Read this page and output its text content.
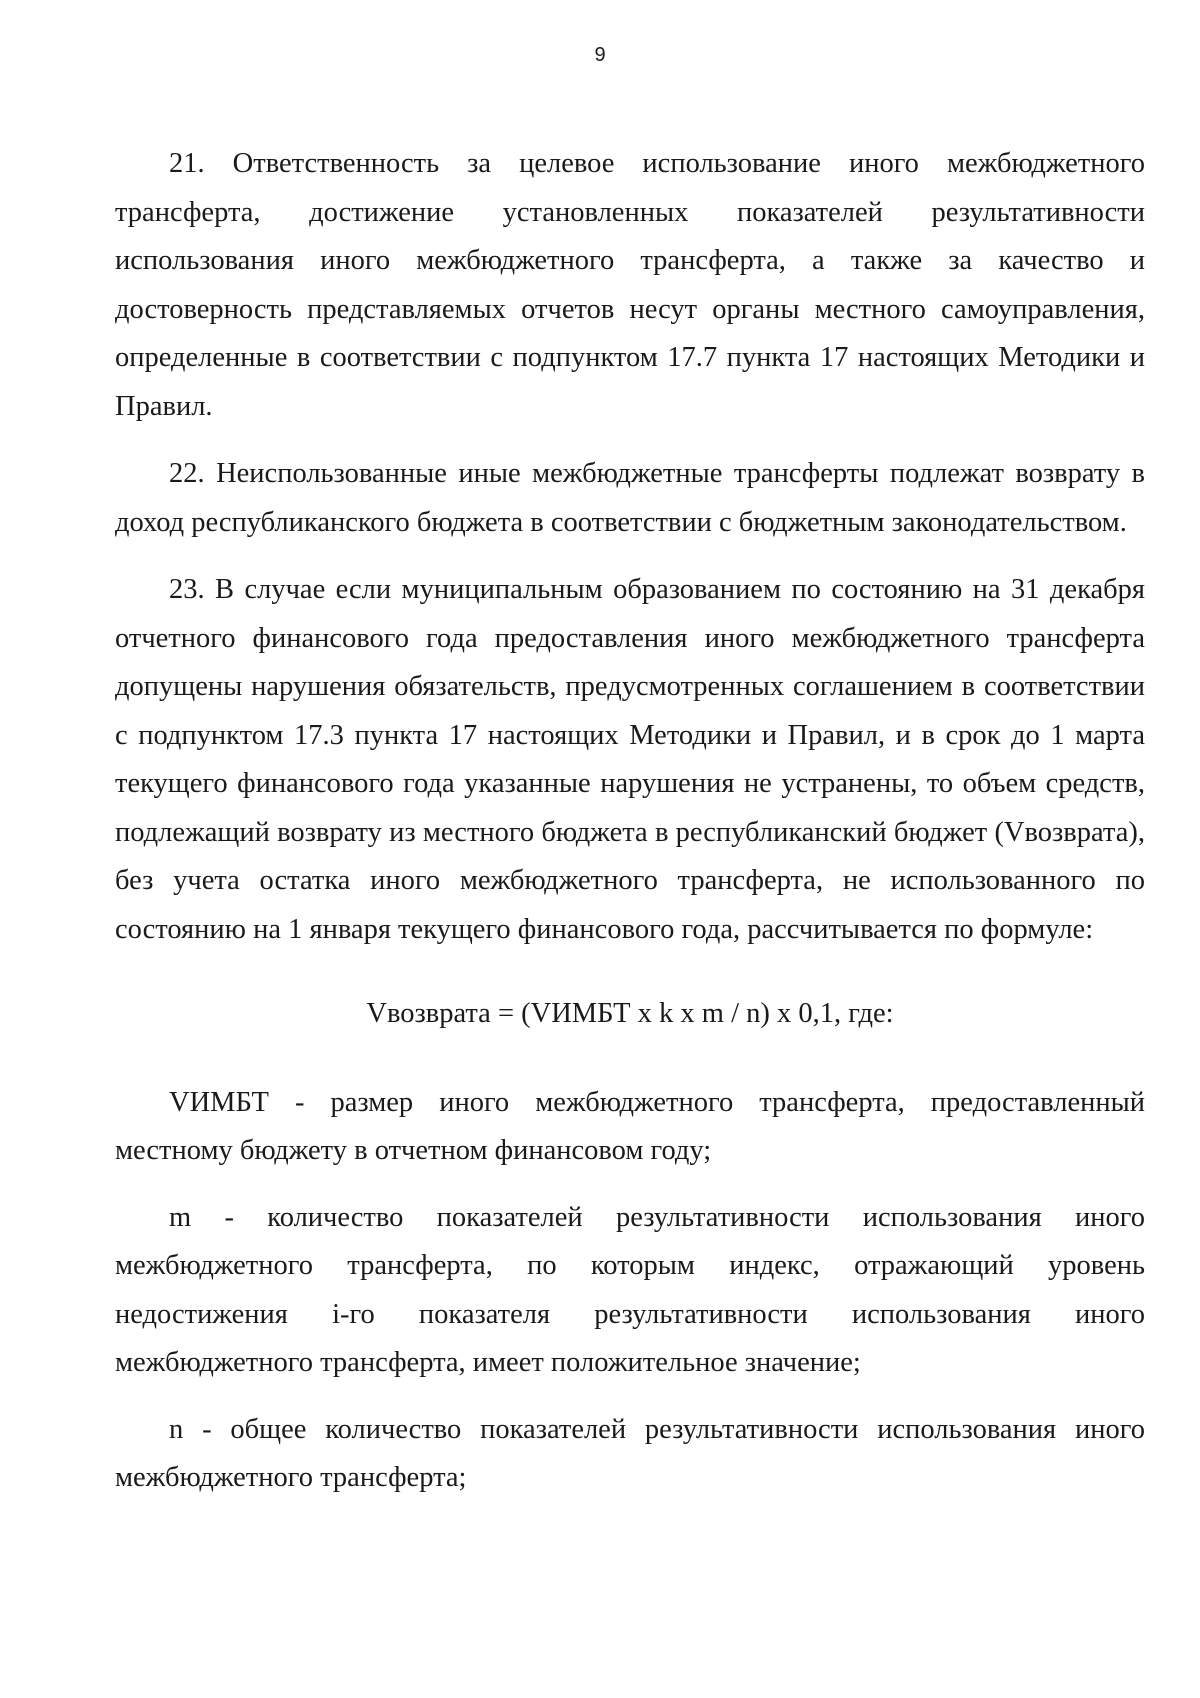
9

21. Ответственность за целевое использование иного межбюджетного трансферта, достижение установленных показателей результативности использования иного межбюджетного трансферта, а также за качество и достоверность представляемых отчетов несут органы местного самоуправления, определенные в соответствии с подпунктом 17.7 пункта 17 настоящих Методики и Правил.

22. Неиспользованные иные межбюджетные трансферты подлежат возврату в доход республиканского бюджета в соответствии с бюджетным законодательством.

23. В случае если муниципальным образованием по состоянию на 31 декабря отчетного финансового года предоставления иного межбюджетного трансферта допущены нарушения обязательств, предусмотренных соглашением в соответствии с подпунктом 17.3 пункта 17 настоящих Методики и Правил, и в срок до 1 марта текущего финансового года указанные нарушения не устранены, то объем средств, подлежащий возврату из местного бюджета в республиканский бюджет (Vвозврата), без учета остатка иного межбюджетного трансферта, не использованного по состоянию на 1 января текущего финансового года, рассчитывается по формуле:

Vвозврата = (VИМБТ x k x m / n) x 0,1, где:

VИМБТ - размер иного межбюджетного трансферта, предоставленный местному бюджету в отчетном финансовом году;

m - количество показателей результативности использования иного межбюджетного трансферта, по которым индекс, отражающий уровень недостижения i-го показателя результативности использования иного межбюджетного трансферта, имеет положительное значение;

n - общее количество показателей результативности использования иного межбюджетного трансферта;
